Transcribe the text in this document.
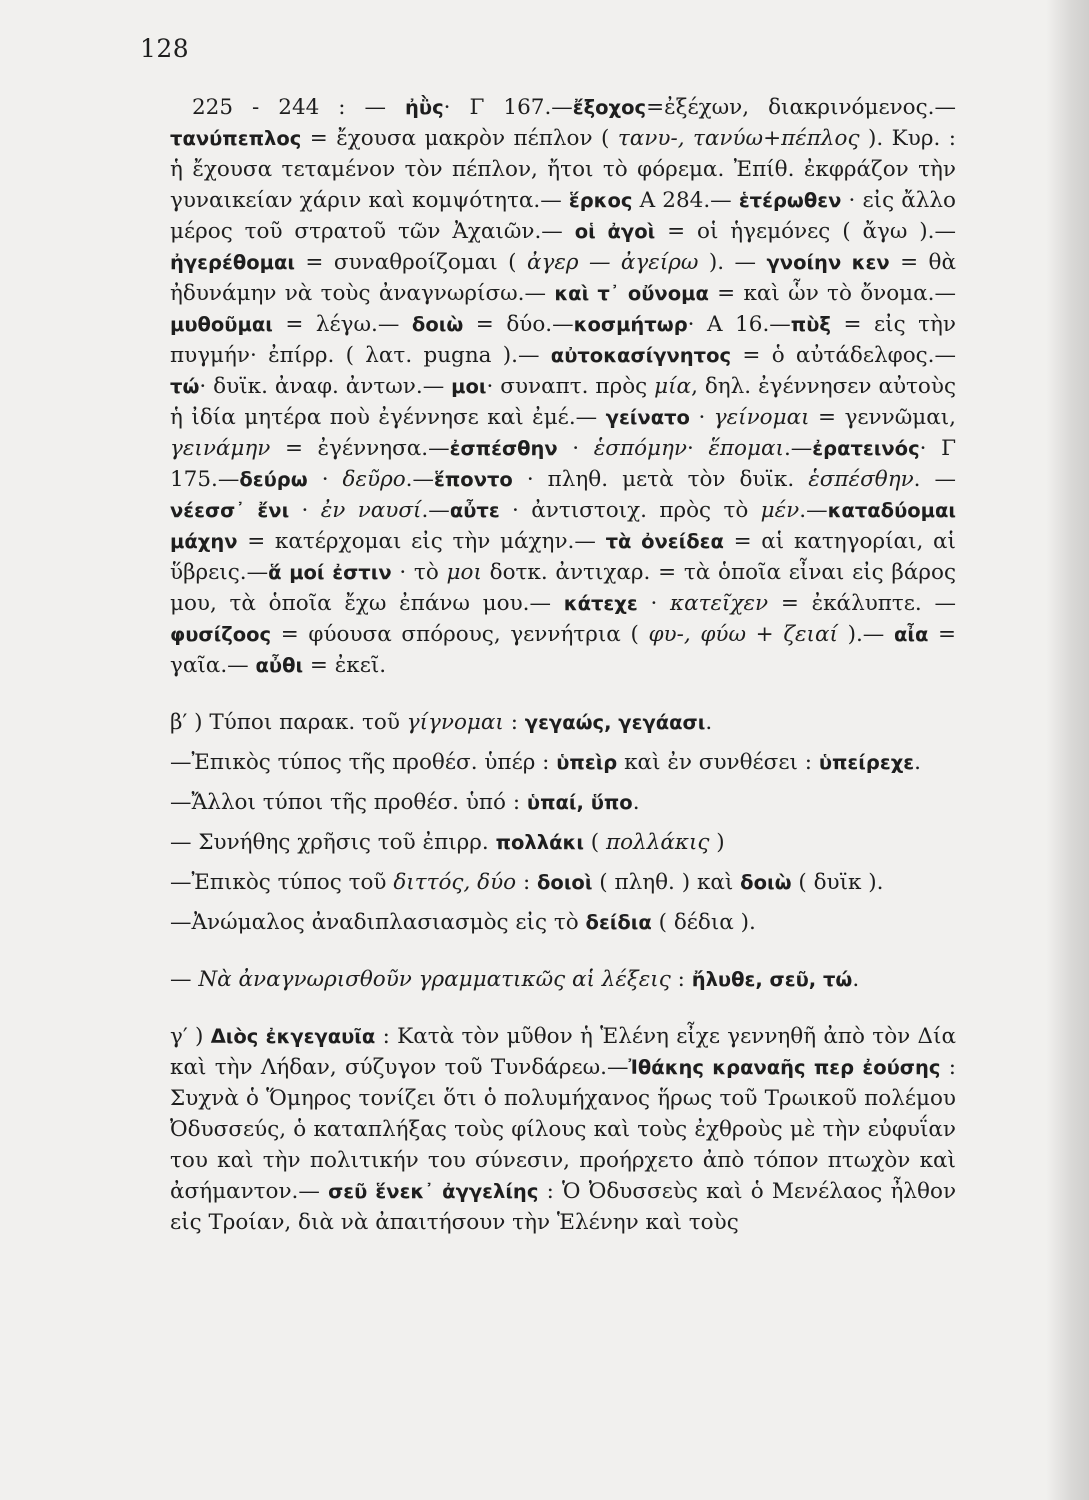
128

225 - 244 : — ἠῢς· Γ 167.—ἔξοχος=ἐξέχων, διακρινόμενος.—τανύπεπλος = ἔχουσα μακρὸν πέπλον ( τανυ-, τανύω+πέπλος ). Κυρ. : ἡ ἔχουσα τεταμένον τὸν πέπλον, ἤτοι τὸ φόρεμα. Ἐπίθ. ἐκφράζον τὴν γυναικείαν χάριν καὶ κομψότητα.— ἕρκος Α 284.— ἑτέρωθεν · εἰς ἄλλο μέρος τοῦ στρατοῦ τῶν Ἀχαιῶν.— οἱ ἀγοὶ = οἱ ἡγεμόνες ( ἄγω ).— ἠγερέθομαι = συναθροίζομαι ( ἀγερ — ἀγείρω ). — γνοίην κεν = θὰ ἠδυνάμην νὰ τοὺς ἀναγνωρίσω.— καὶ τ᾽ οὔνομα = καὶ ὧν τὸ ὄνομα.— μυθοῦμαι = λέγω.— δοιὼ = δύο.—κοσμήτωρ· Α 16.—πὺξ = εἰς τὴν πυγμήν· ἐπίρρ. ( λατ. pugna ).— αὐτοκασίγνητος = ὁ αὐτάδελφος.— τώ· δυϊκ. ἀναφ. ἀντων.— μοι· συναπτ. πρὸς μία, δηλ. ἐγέννησεν αὐτοὺς ἡ ἰδία μητέρα ποὺ ἐγέννησε καὶ ἐμέ.— γείνατο · γείνομαι = γεννῶμαι, γεινάμην = ἐγέννησα.—ἐσπέσθην · ἑσπόμην· ἕπομαι.—ἐρατεινός· Γ 175.—δεύρω · δεῦρο.—ἕποντο · πληθ. μετὰ τὸν δυϊκ. ἑσπέσθην. —νέεσσ᾽ ἔνι · ἐν ναυσί.—αὖτε · ἀντιστοιχ. πρὸς τὸ μέν.—καταδύομαι μάχην = κατέρχομαι εἰς τὴν μάχην.— τὰ ὀνείδεα = αἱ κατηγορίαι, αἱ ὕβρεις.—ἅ μοί ἐστιν · τὸ μοι δοτκ. ἀντιχαρ. = τὰ ὁποῖα εἶναι εἰς βάρος μου, τὰ ὁποῖα ἔχω ἐπάνω μου.— κάτεχε · κατεῖχεν = ἐκάλυπτε. — φυσίζοος = φύουσα σπόρους, γεννήτρια ( φυ-, φύω + ζειαί ).— αἶα = γαῖα.— αὖθι = ἐκεῖ.

β′ ) Τύποι παρακ. τοῦ γίγνομαι : γεγαώς, γεγάασι.

—Ἐπικὸς τύπος τῆς προθέσ. ὑπέρ : ὑπεὶρ καὶ ἐν συνθέσει : ὑπείρεχε.

—Ἄλλοι τύποι τῆς προθέσ. ὑπό : ὑπαί, ὕπο.

— Συνήθης χρῆσις τοῦ ἐπιρρ. πολλάκι ( πολλάκις )

—Ἐπικὸς τύπος τοῦ διττός, δύο : δοιοὶ ( πληθ. ) καὶ δοιὼ ( δυϊκ ).

—Ἀνώμαλος ἀναδιπλασιασμὸς εἰς τὸ δείδια ( δέδια ).

— Νὰ ἀναγνωρισθοῦν γραμματικῶς αἱ λέξεις : ἤλυθε, σεῦ, τώ.

γ′ ) Διὸς ἐκγεγαυῖα : Κατὰ τὸν μῦθον ἡ Ἑλένη εἶχε γεννηθῆ ἀπὸ τὸν Δία καὶ τὴν Λήδαν, σύζυγον τοῦ Τυνδάρεω.—Ἰθάκης κραναῆς περ ἐούσης : Συχνὰ ὁ Ὅμηρος τονίζει ὅτι ὁ πολυμήχανος ἥρως τοῦ Τρωικοῦ πολέμου Ὀδυσσεύς, ὁ καταπλήξας τοὺς φίλους καὶ τοὺς ἐχθροὺς μὲ τὴν εὐφυΐαν του καὶ τὴν πολιτικήν του σύνεσιν, προήρχετο ἀπὸ τόπον πτωχὸν καὶ ἀσήμαντον.— σεῦ ἕνεκ᾽ ἀγγελίης : Ὁ Ὀδυσσεὺς καὶ ὁ Μενέλαος ἦλθον εἰς Τροίαν, διὰ νὰ ἀπαιτήσουν τὴν Ἑλένην καὶ τοὺς
